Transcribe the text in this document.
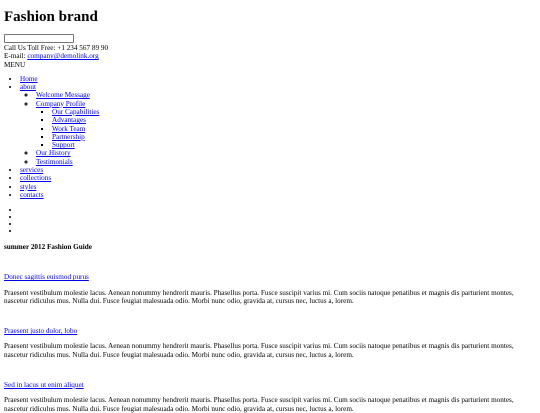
Fashion brand
Call Us Toll Free: +1 234 567 89 90
E-mail: company@demolink.org
MENU
• Home
• about
◦ Welcome Message
◦ Company Profile
▪ Our Capabilities
▪ Advantages
▪ Work Team
▪ Partnership
▪ Support
◦ Our History
◦ Testimonials
• services
• collections
• styles
• contacts
•
•
•
•
summer 2012 Fashion Guide
Donec sagittis euismod purus

Praesent vestibulum molestie lacus. Aenean nonummy hendrerit mauris. Phasellus porta. Fusce suscipit varius mi. Cum sociis natoque penatibus et magnis dis parturient montes, nascetur ridiculus mus. Nulla dui. Fusce feugiat malesuada odio. Morbi nunc odio, gravida at, cursus nec, luctus a, lorem.

Praesent justo dolor, lobo

Praesent vestibulum molestie lacus. Aenean nonummy hendrerit mauris. Phasellus porta. Fusce suscipit varius mi. Cum sociis natoque penatibus et magnis dis parturient montes, nascetur ridiculus mus. Nulla dui. Fusce feugiat malesuada odio. Morbi nunc odio, gravida at, cursus nec, luctus a, lorem.

Sed in lacus ut enim aliquet

Praesent vestibulum molestie lacus. Aenean nonummy hendrerit mauris. Phasellus porta. Fusce suscipit varius mi. Cum sociis natoque penatibus et magnis dis parturient montes, nascetur ridiculus mus. Nulla dui. Fusce feugiat malesuada odio. Morbi nunc odio, gravida at, cursus nec, luctus a, lorem.
